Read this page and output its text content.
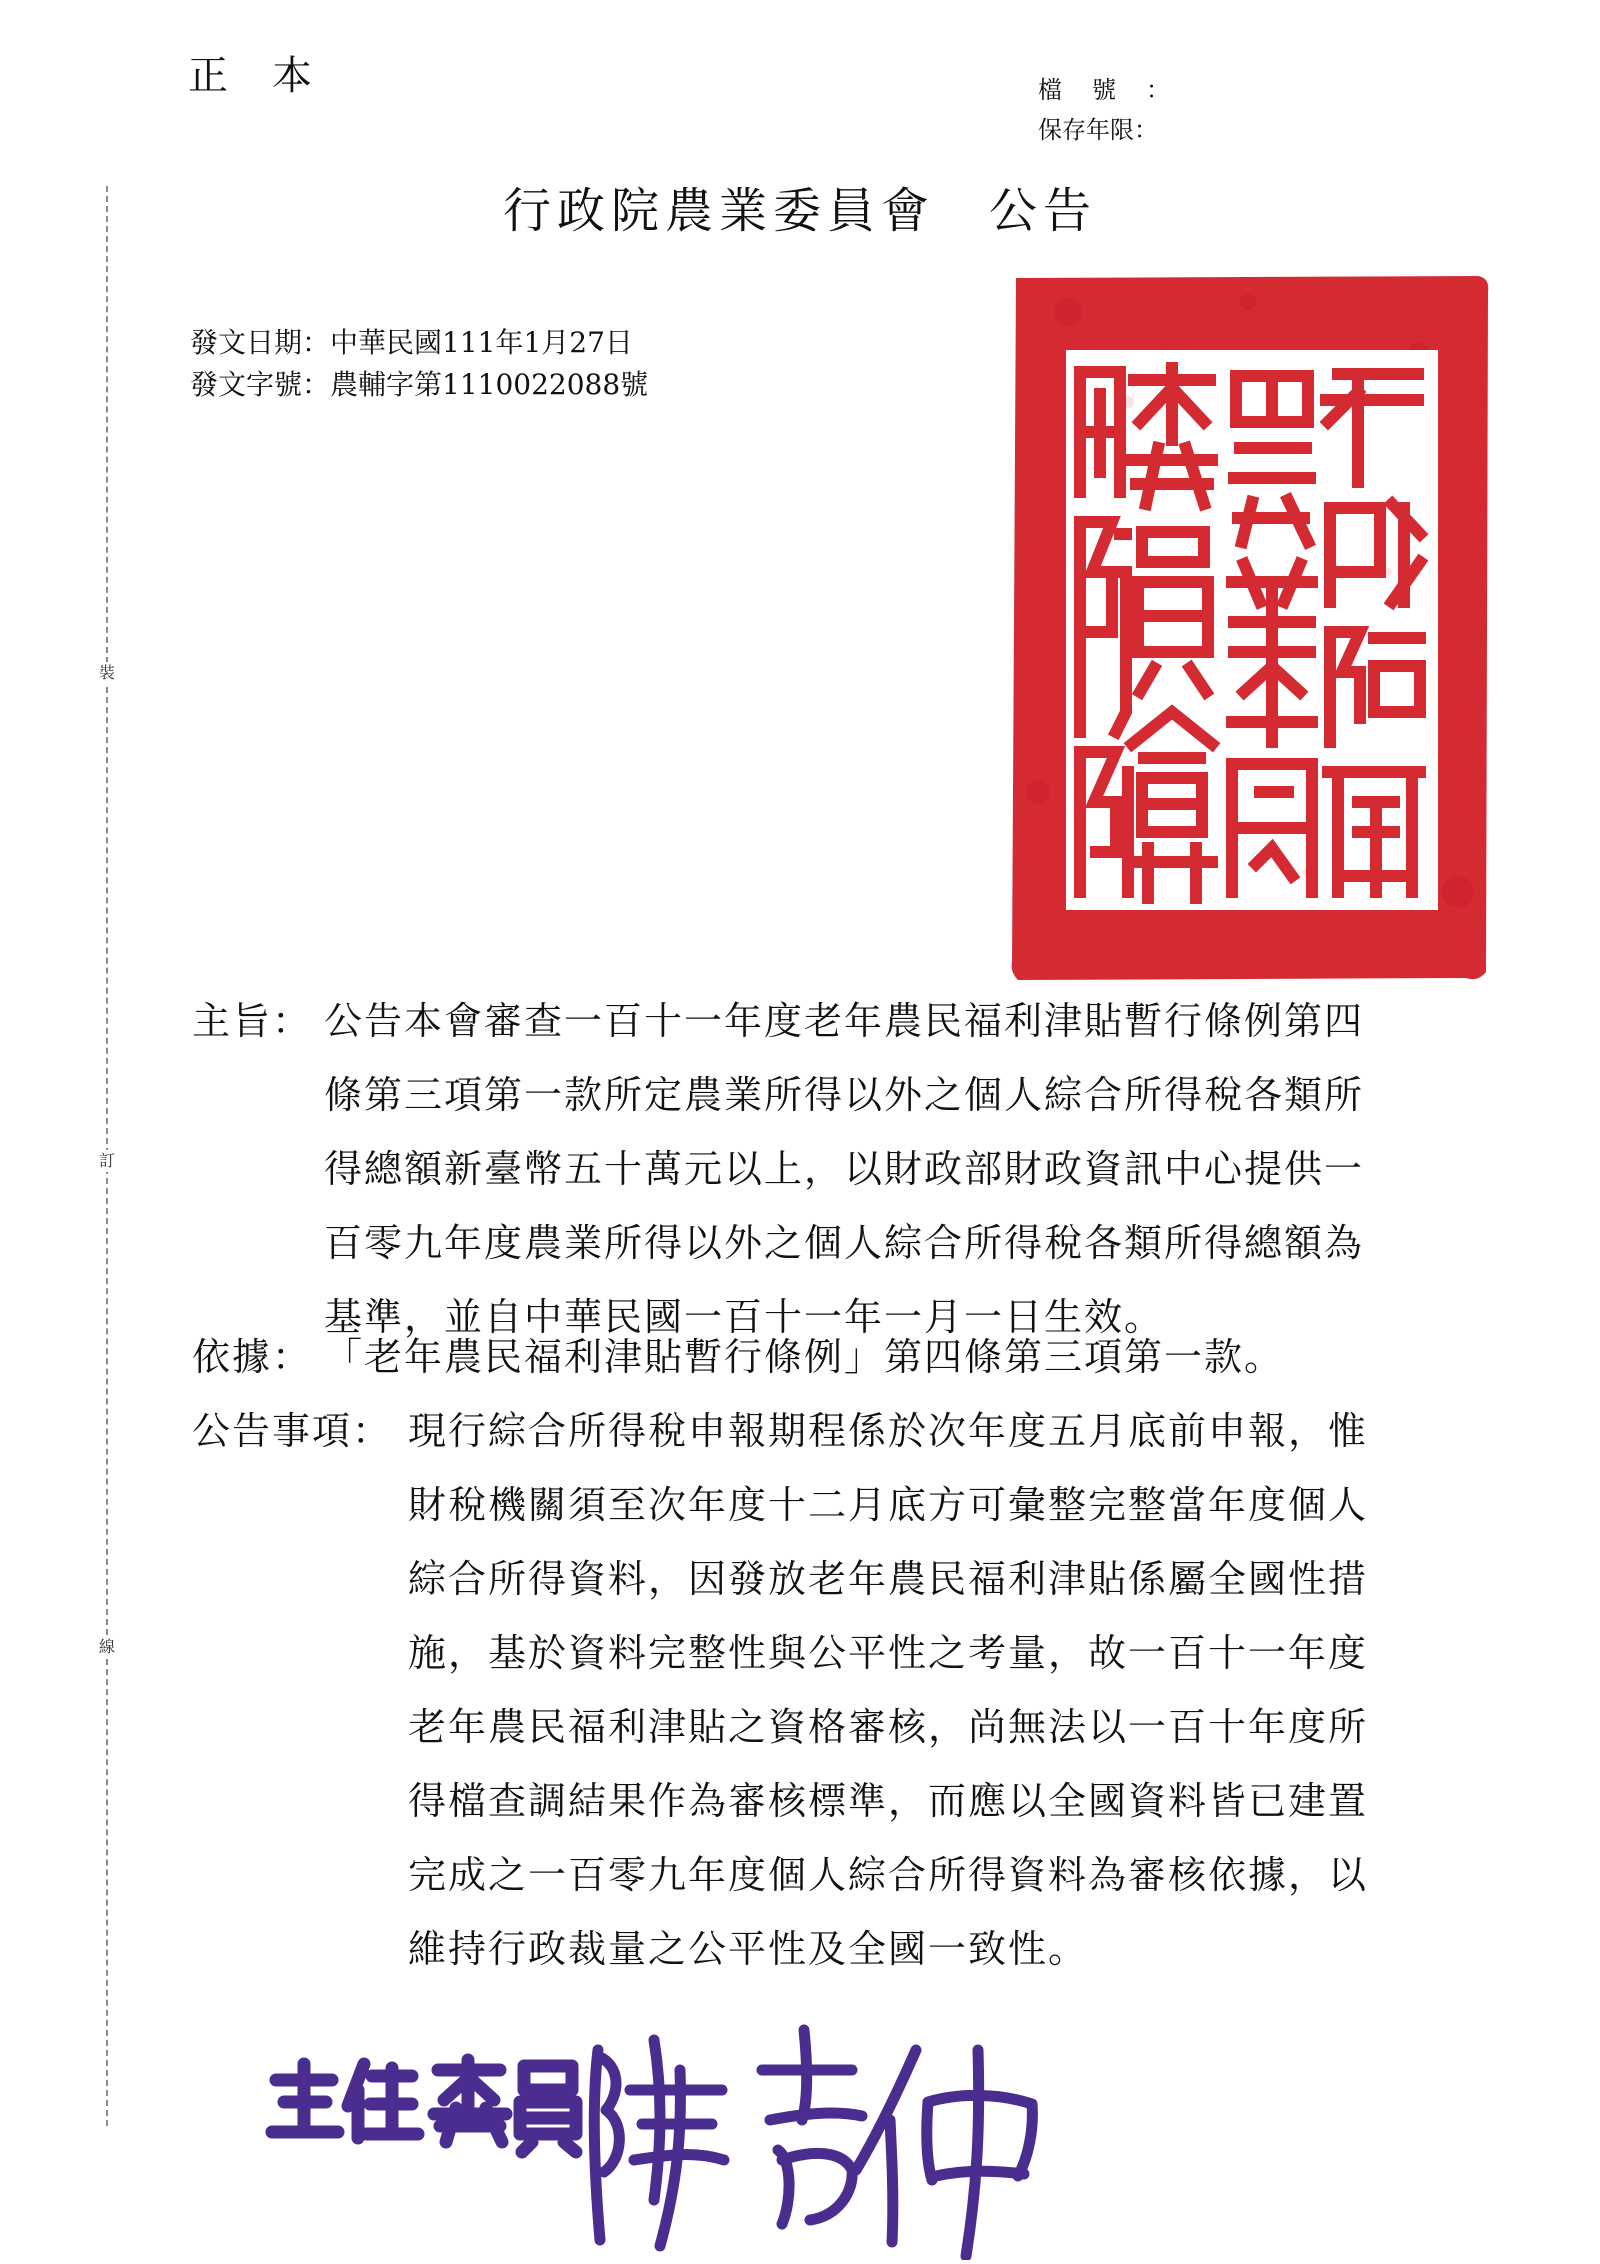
正本	檔號：
保存年限：
裝
訂
線
行政院農業委員會　公告
發文日期：中華民國111年1月27日
發文字號：農輔字第1110022088號
主旨： 公告本會審查一百十一年度老年農民福利津貼暫行條例第四
條第三項第一款所定農業所得以外之個人綜合所得稅各類所
得總額新臺幣五十萬元以上，以財政部財政資訊中心提供一
百零九年度農業所得以外之個人綜合所得稅各類所得總額為
基準，並自中華民國一百十一年一月一日生效。
依據： 「老年農民福利津貼暫行條例」第四條第三項第一款。
公告事項： 現行綜合所得稅申報期程係於次年度五月底前申報，惟
財稅機關須至次年度十二月底方可彙整完整當年度個人
綜合所得資料，因發放老年農民福利津貼係屬全國性措
施，基於資料完整性與公平性之考量，故一百十一年度
老年農民福利津貼之資格審核，尚無法以一百十年度所
得檔查調結果作為審核標準，而應以全國資料皆已建置
完成之一百零九年度個人綜合所得資料為審核依據，以
維持行政裁量之公平性及全國一致性。
